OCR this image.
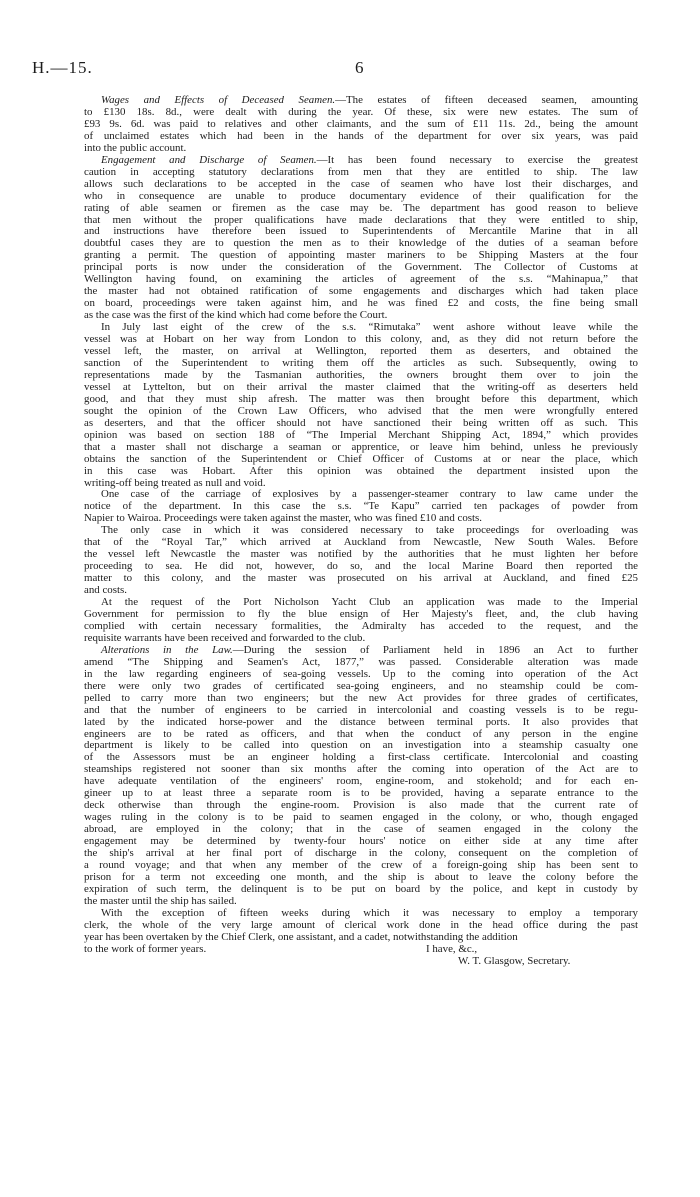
H.—15.	6

Wages and Effects of Deceased Seamen.—The estates of fifteen deceased seamen, amounting
to £130 18s. 8d., were dealt with during the year. Of these, six were new estates. The sum of
£93 9s. 6d. was paid to relatives and other claimants, and the sum of £11 11s. 2d., being the amount
of unclaimed estates which had been in the hands of the department for over six years, was paid
into the public account.

Engagement and Discharge of Seamen.—It has been found necessary to exercise the greatest
caution in accepting statutory declarations from men that they are entitled to ship. The law
allows such declarations to be accepted in the case of seamen who have lost their discharges, and
who in consequence are unable to produce documentary evidence of their qualification for the
rating of able seamen or firemen as the case may be. The department has good reason to believe
that men without the proper qualifications have made declarations that they were entitled to ship,
and instructions have therefore been issued to Superintendents of Mercantile Marine that in all
doubtful cases they are to question the men as to their knowledge of the duties of a seaman before
granting a permit. The question of appointing master mariners to be Shipping Masters at the four
principal ports is now under the consideration of the Government. The Collector of Customs at
Wellington having found, on examining the articles of agreement of the s.s. “Mahinapua,” that
the master had not obtained ratification of some engagements and discharges which had taken place
on board, proceedings were taken against him, and he was fined £2 and costs, the fine being small
as the case was the first of the kind which had come before the Court.

In July last eight of the crew of the s.s. “Rimutaka” went ashore without leave while the
vessel was at Hobart on her way from London to this colony, and, as they did not return before the
vessel left, the master, on arrival at Wellington, reported them as deserters, and obtained the
sanction of the Superintendent to writing them off the articles as such. Subsequently, owing to
representations made by the Tasmanian authorities, the owners brought them over to join the
vessel at Lyttelton, but on their arrival the master claimed that the writing-off as deserters held
good, and that they must ship afresh. The matter was then brought before this department, which
sought the opinion of the Crown Law Officers, who advised that the men were wrongfully entered
as deserters, and that the officer should not have sanctioned their being written off as such. This
opinion was based on section 188 of “The Imperial Merchant Shipping Act, 1894,” which provides
that a master shall not discharge a seaman or apprentice, or leave him behind, unless he previously
obtains the sanction of the Superintendent or Chief Officer of Customs at or near the place, which
in this case was Hobart. After this opinion was obtained the department insisted upon the
writing-off being treated as null and void.

One case of the carriage of explosives by a passenger-steamer contrary to law came under the
notice of the department. In this case the s.s. “Te Kapu” carried ten packages of powder from
Napier to Wairoa. Proceedings were taken against the master, who was fined £10 and costs.

The only case in which it was considered necessary to take proceedings for overloading was
that of the “Royal Tar,” which arrived at Auckland from Newcastle, New South Wales. Before
the vessel left Newcastle the master was notified by the authorities that he must lighten her before
proceeding to sea. He did not, however, do so, and the local Marine Board then reported the
matter to this colony, and the master was prosecuted on his arrival at Auckland, and fined £25
and costs.

At the request of the Port Nicholson Yacht Club an application was made to the Imperial
Government for permission to fly the blue ensign of Her Majesty's fleet, and, the club having
complied with certain necessary formalities, the Admiralty has acceded to the request, and the
requisite warrants have been received and forwarded to the club.

Alterations in the Law.—During the session of Parliament held in 1896 an Act to further
amend “The Shipping and Seamen's Act, 1877,” was passed. Considerable alteration was made
in the law regarding engineers of sea-going vessels. Up to the coming into operation of the Act
there were only two grades of certificated sea-going engineers, and no steamship could be com-
pelled to carry more than two engineers; but the new Act provides for three grades of certificates,
and that the number of engineers to be carried in intercolonial and coasting vessels is to be regu-
lated by the indicated horse-power and the distance between terminal ports. It also provides that
engineers are to be rated as officers, and that when the conduct of any person in the engine
department is likely to be called into question on an investigation into a steamship casualty one
of the Assessors must be an engineer holding a first-class certificate. Intercolonial and coasting
steamships registered not sooner than six months after the coming into operation of the Act are to
have adequate ventilation of the engineers' room, engine-room, and stokehold; and for each en-
gineer up to at least three a separate room is to be provided, having a separate entrance to the
deck otherwise than through the engine-room. Provision is also made that the current rate of
wages ruling in the colony is to be paid to seamen engaged in the colony, or who, though engaged
abroad, are employed in the colony; that in the case of seamen engaged in the colony the
engagement may be determined by twenty-four hours' notice on either side at any time after
the ship's arrival at her final port of discharge in the colony, consequent on the completion of
a round voyage; and that when any member of the crew of a foreign-going ship has been sent to
prison for a term not exceeding one month, and the ship is about to leave the colony before the
expiration of such term, the delinquent is to be put on board by the police, and kept in custody by
the master until the ship has sailed.

With the exception of fifteen weeks during which it was necessary to employ a temporary
clerk, the whole of the very large amount of clerical work done in the head office during the past
year has been overtaken by the Chief Clerk, one assistant, and a cadet, notwithstanding the addition

to the work of former years.	I have, &c.,
W. T. Glasgow, Secretary.
